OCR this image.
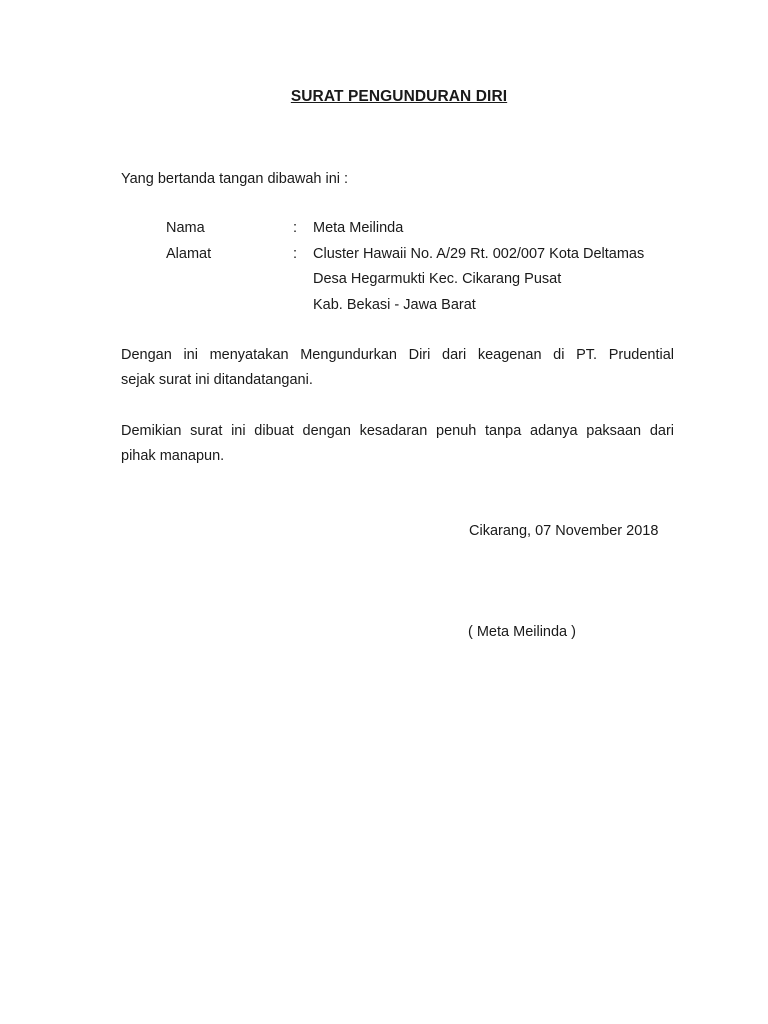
SURAT PENGUNDURAN DIRI
Yang bertanda tangan dibawah ini :
Nama	: Meta Meilinda
Alamat	: Cluster Hawaii No. A/29 Rt. 002/007 Kota Deltamas
Desa Hegarmukti Kec. Cikarang Pusat
Kab. Bekasi - Jawa Barat
Dengan ini menyatakan Mengundurkan Diri dari keagenan di PT. Prudential
sejak surat ini ditandatangani.
Demikian surat ini dibuat dengan kesadaran penuh tanpa adanya paksaan dari
pihak manapun.
Cikarang, 07 November 2018
( Meta Meilinda )
